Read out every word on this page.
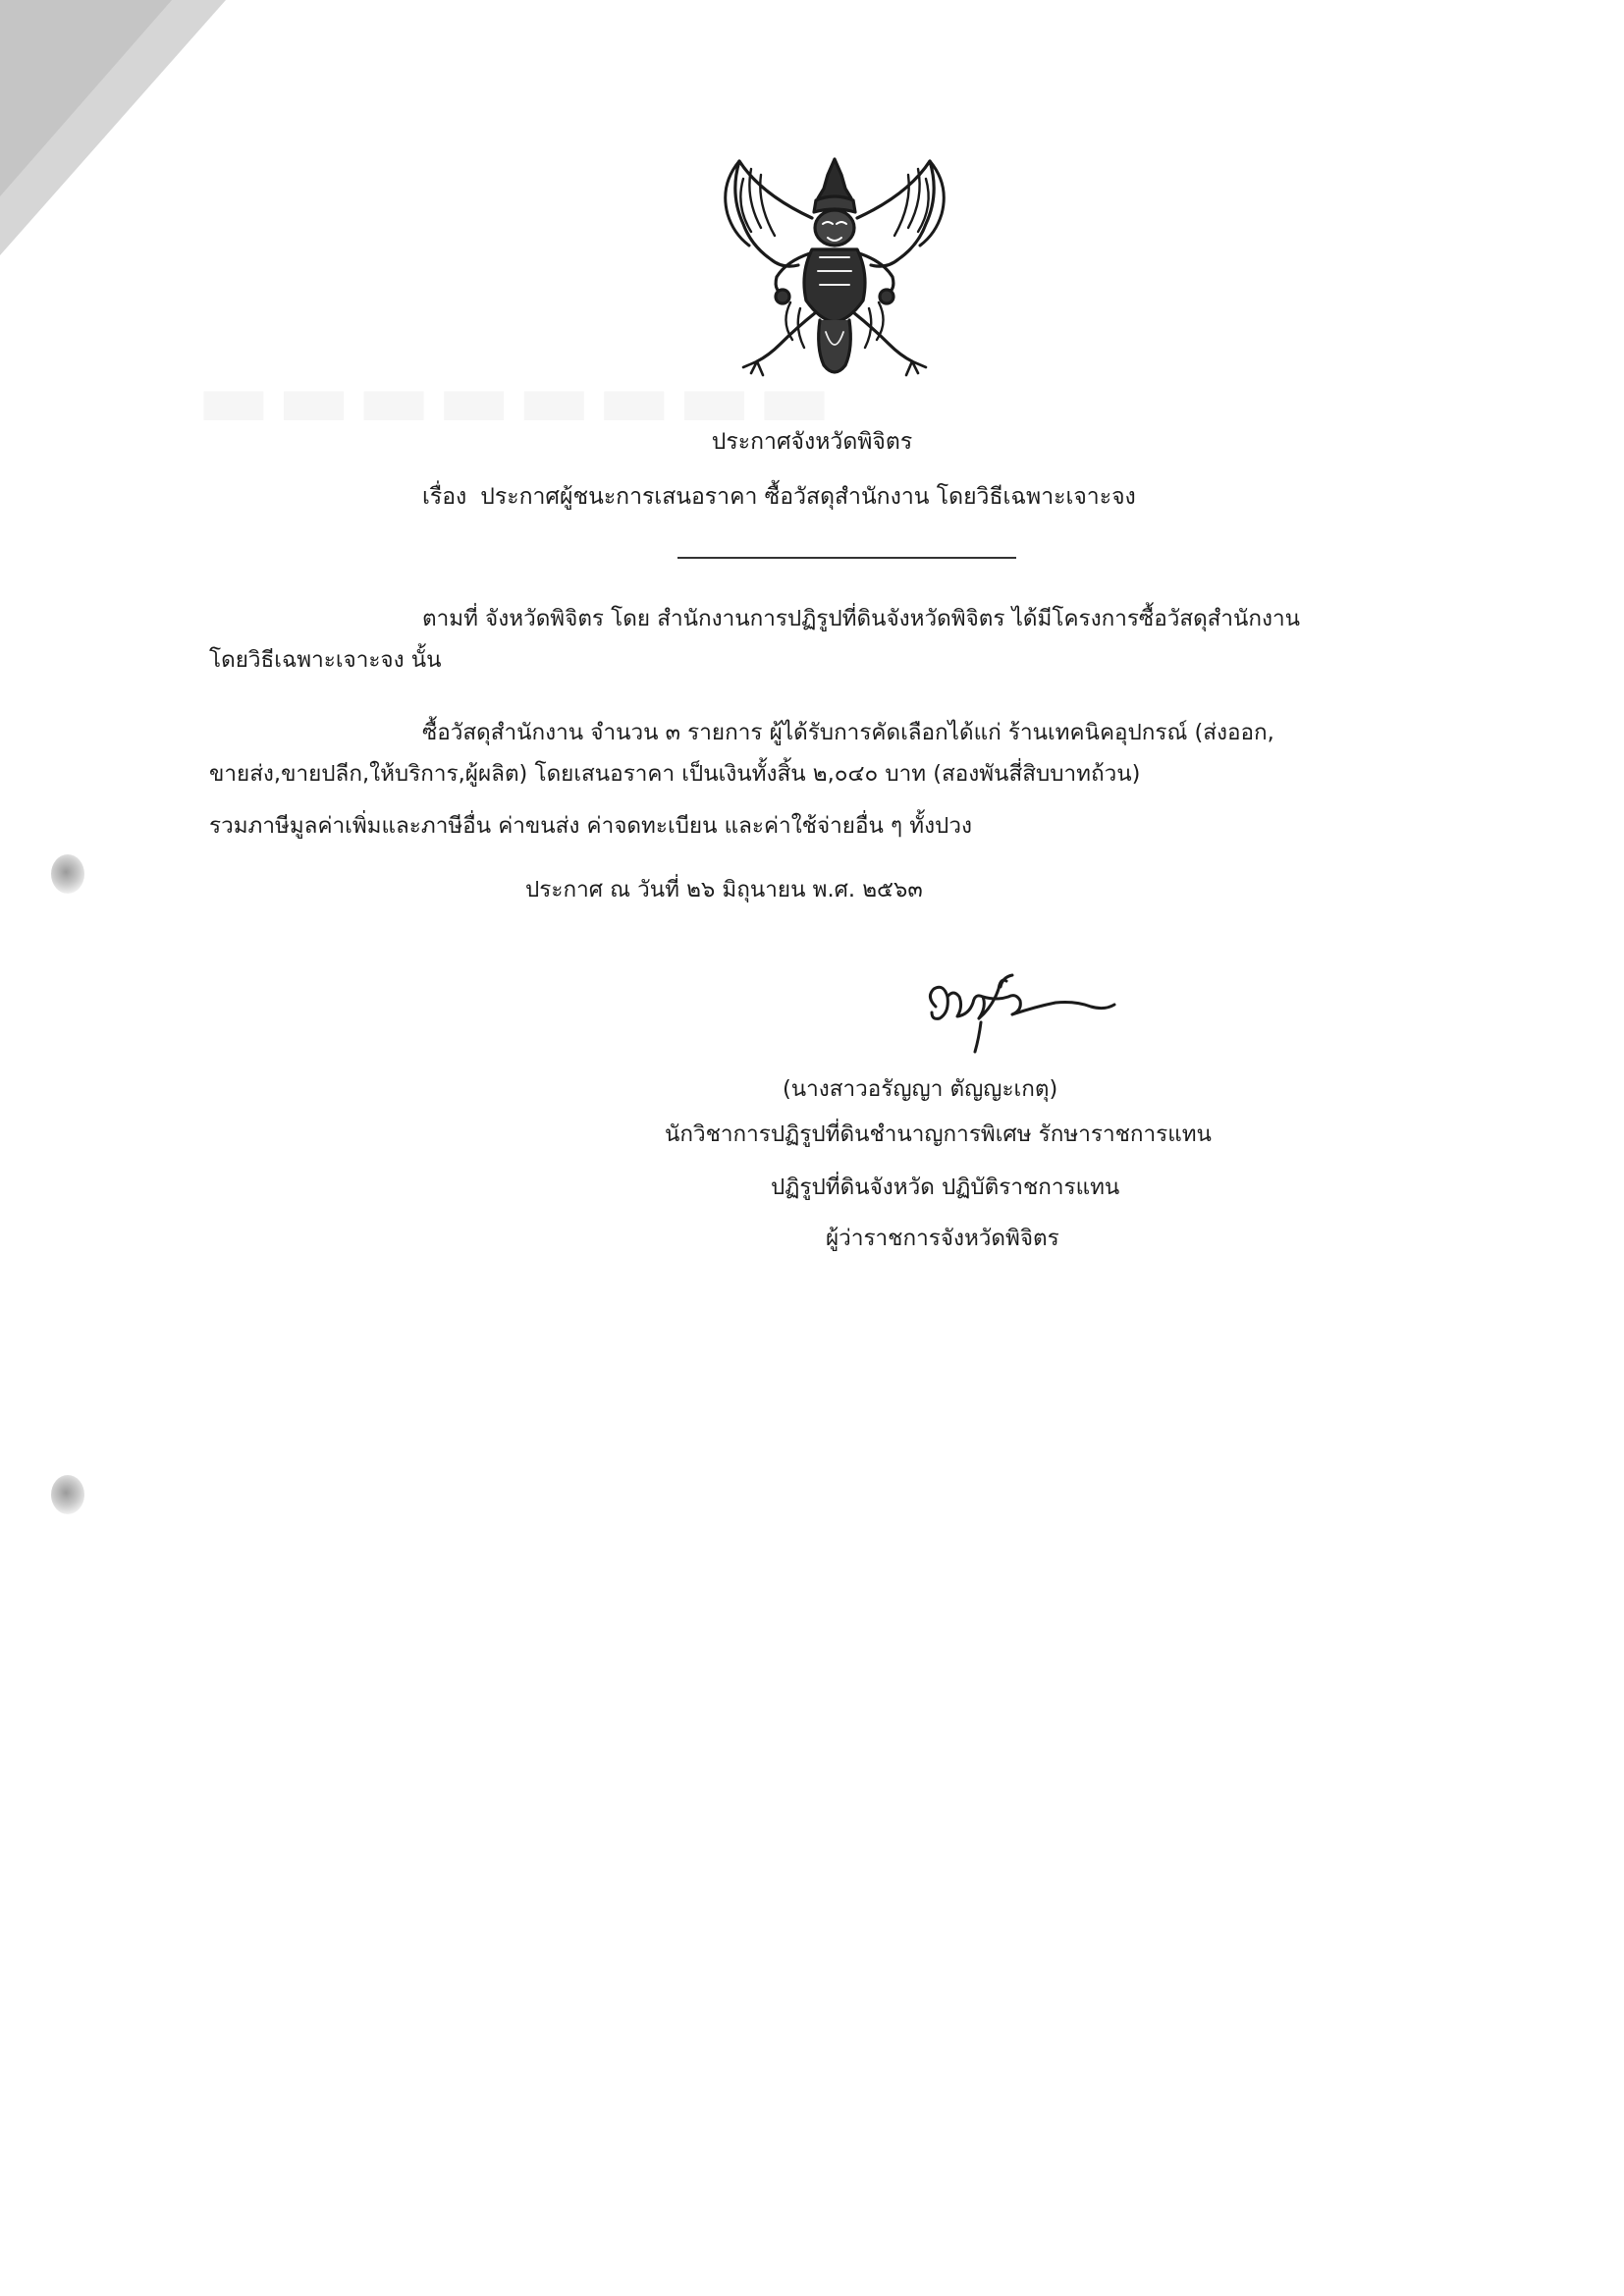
ประกาศจังหวัดพิจิตร
เรื่อง ประกาศผู้ชนะการเสนอราคา ซื้อวัสดุสำนักงาน โดยวิธีเฉพาะเจาะจง
ตามที่ จังหวัดพิจิตร โดย สำนักงานการปฏิรูปที่ดินจังหวัดพิจิตร ได้มีโครงการซื้อวัสดุสำนักงาน
โดยวิธีเฉพาะเจาะจง นั้น
ซื้อวัสดุสำนักงาน จำนวน ๓ รายการ ผู้ได้รับการคัดเลือกได้แก่ ร้านเทคนิคอุปกรณ์ (ส่งออก,
ขายส่ง,ขายปลีก,ให้บริการ,ผู้ผลิต) โดยเสนอราคา เป็นเงินทั้งสิ้น ๒,๐๔๐ บาท (สองพันสี่สิบบาทถ้วน)
รวมภาษีมูลค่าเพิ่มและภาษีอื่น ค่าขนส่ง ค่าจดทะเบียน และค่าใช้จ่ายอื่น ๆ ทั้งปวง
ประกาศ ณ วันที่ ๒๖ มิถุนายน พ.ศ. ๒๕๖๓
(นางสาวอรัญญา ตัญญะเกตุ)
นักวิชาการปฏิรูปที่ดินชำนาญการพิเศษ รักษาราชการแทน
ปฏิรูปที่ดินจังหวัด ปฏิบัติราชการแทน
ผู้ว่าราชการจังหวัดพิจิตร
